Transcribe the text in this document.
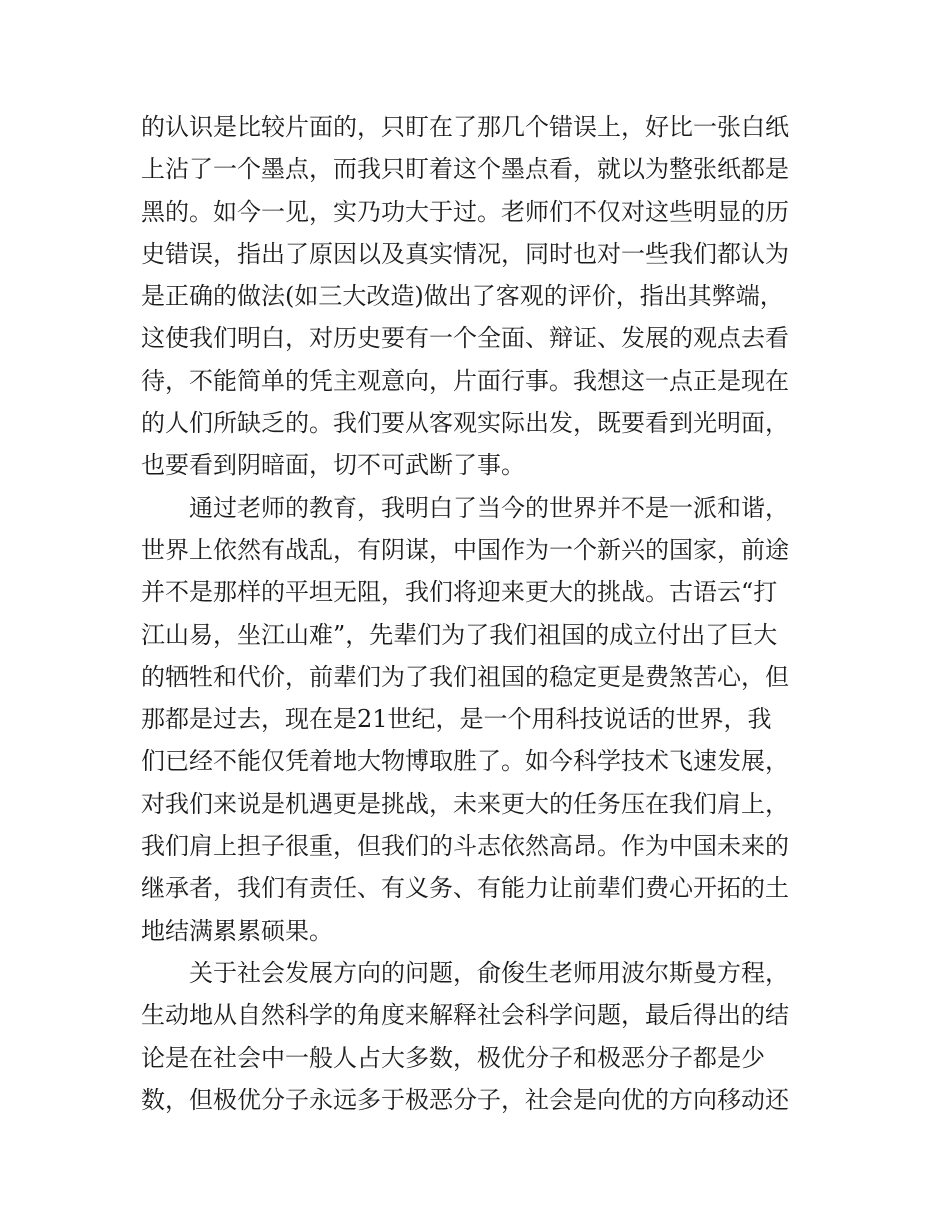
的认识是比较片面的，只盯在了那几个错误上，好比一张白纸
上沾了一个墨点，而我只盯着这个墨点看，就以为整张纸都是
黑的。如今一见，实乃功大于过。老师们不仅对这些明显的历
史错误，指出了原因以及真实情况，同时也对一些我们都认为
是正确的做法(如三大改造)做出了客观的评价，指出其弊端，
这使我们明白，对历史要有一个全面、辩证、发展的观点去看
待，不能简单的凭主观意向，片面行事。我想这一点正是现在
的人们所缺乏的。我们要从客观实际出发，既要看到光明面，
也要看到阴暗面，切不可武断了事。
通过老师的教育，我明白了当今的世界并不是一派和谐，
世界上依然有战乱，有阴谋，中国作为一个新兴的国家，前途
并不是那样的平坦无阻，我们将迎来更大的挑战。古语云“打
江山易，坐江山难”，先辈们为了我们祖国的成立付出了巨大
的牺牲和代价，前辈们为了我们祖国的稳定更是费煞苦心，但
那都是过去，现在是21世纪，是一个用科技说话的世界，我
们已经不能仅凭着地大物博取胜了。如今科学技术飞速发展，
对我们来说是机遇更是挑战，未来更大的任务压在我们肩上，
我们肩上担子很重，但我们的斗志依然高昂。作为中国未来的
继承者，我们有责任、有义务、有能力让前辈们费心开拓的土
地结满累累硕果。
关于社会发展方向的问题，俞俊生老师用波尔斯曼方程，
生动地从自然科学的角度来解释社会科学问题，最后得出的结
论是在社会中一般人占大多数，极优分子和极恶分子都是少
数，但极优分子永远多于极恶分子，社会是向优的方向移动还
